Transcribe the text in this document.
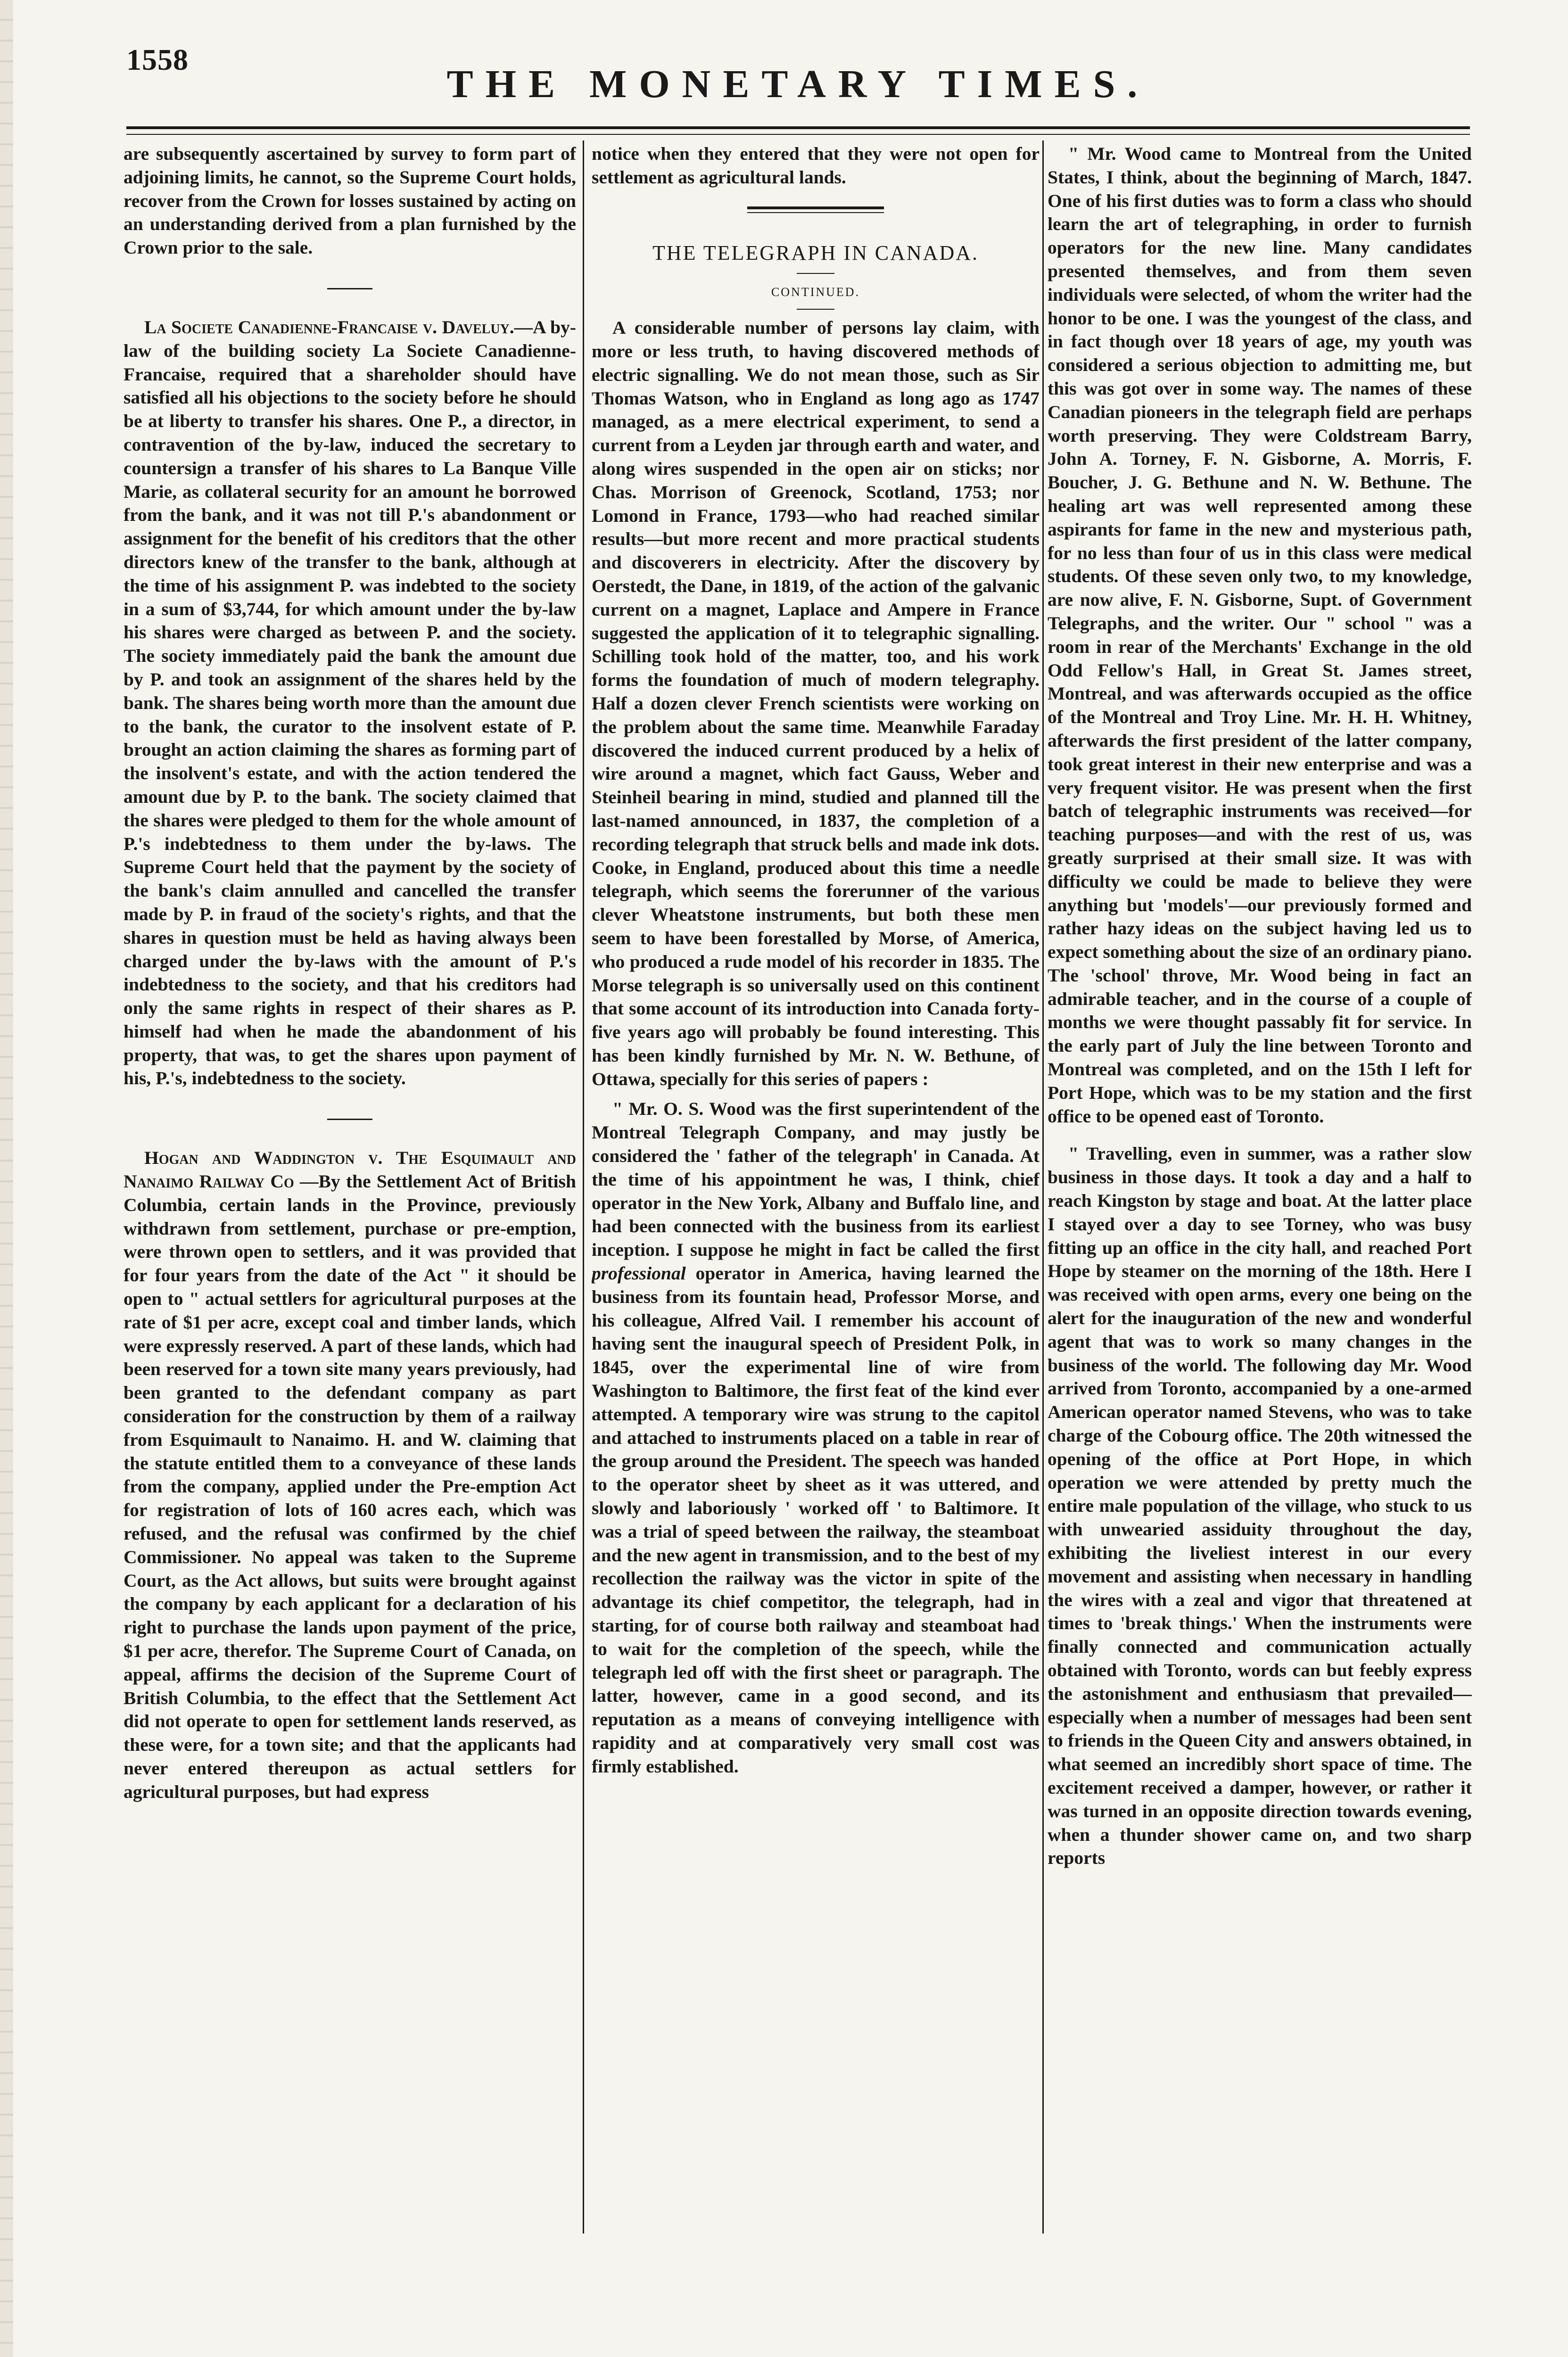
1558
THE MONETARY TIMES.

are subsequently ascertained by survey to form part of adjoining limits, he cannot, so the Supreme Court holds, recover from the Crown for losses sustained by acting on an understanding derived from a plan furnished by the Crown prior to the sale.

La Societe Canadienne-Francaise v. Daveluy.—A by-law of the building society La Societe Canadienne-Francaise, required that a shareholder should have satisfied all his objections to the society before he should be at liberty to transfer his shares. One P., a director, in contravention of the by-law, induced the secretary to countersign a transfer of his shares to La Banque Ville Marie, as collateral security for an amount he borrowed from the bank, and it was not till P.'s abandonment or assignment for the benefit of his creditors that the other directors knew of the transfer to the bank, although at the time of his assignment P. was indebted to the society in a sum of $3,744, for which amount under the by-law his shares were charged as between P. and the society. The society immediately paid the bank the amount due by P. and took an assignment of the shares held by the bank. The shares being worth more than the amount due to the bank, the curator to the insolvent estate of P. brought an action claiming the shares as forming part of the insolvent's estate, and with the action tendered the amount due by P. to the bank. The society claimed that the shares were pledged to them for the whole amount of P.'s indebtedness to them under the by-laws. The Supreme Court held that the payment by the society of the bank's claim annulled and cancelled the transfer made by P. in fraud of the society's rights, and that the shares in question must be held as having always been charged under the by-laws with the amount of P.'s indebtedness to the society, and that his creditors had only the same rights in respect of their shares as P. himself had when he made the abandonment of his property, that was, to get the shares upon payment of his, P.'s, indebtedness to the society.

Hogan and Waddington v. The Esquimault and Nanaimo Railway Co —By the Settlement Act of British Columbia, certain lands in the Province, previously withdrawn from settlement, purchase or pre-emption, were thrown open to settlers, and it was provided that for four years from the date of the Act " it should be open to " actual settlers for agricultural purposes at the rate of $1 per acre, except coal and timber lands, which were expressly reserved. A part of these lands, which had been reserved for a town site many years previously, had been granted to the defendant company as part consideration for the construction by them of a railway from Esquimault to Nanaimo. H. and W. claiming that the statute entitled them to a conveyance of these lands from the company, applied under the Pre-emption Act for registration of lots of 160 acres each, which was refused, and the refusal was confirmed by the chief Commissioner. No appeal was taken to the Supreme Court, as the Act allows, but suits were brought against the company by each applicant for a declaration of his right to purchase the lands upon payment of the price, $1 per acre, therefor. The Supreme Court of Canada, on appeal, affirms the decision of the Supreme Court of British Columbia, to the effect that the Settlement Act did not operate to open for settlement lands reserved, as these were, for a town site; and that the applicants had never entered thereupon as actual settlers for agricultural purposes, but had express

notice when they entered that they were not open for settlement as agricultural lands.

THE TELEGRAPH IN CANADA.
CONTINUED.

A considerable number of persons lay claim, with more or less truth, to having discovered methods of electric signalling. We do not mean those, such as Sir Thomas Watson, who in England as long ago as 1747 managed, as a mere electrical experiment, to send a current from a Leyden jar through earth and water, and along wires suspended in the open air on sticks; nor Chas. Morrison of Greenock, Scotland, 1753; nor Lomond in France, 1793—who had reached similar results—but more recent and more practical students and discoverers in electricity. After the discovery by Oerstedt, the Dane, in 1819, of the action of the galvanic current on a magnet, Laplace and Ampere in France suggested the application of it to telegraphic signalling. Schilling took hold of the matter, too, and his work forms the foundation of much of modern telegraphy. Half a dozen clever French scientists were working on the problem about the same time. Meanwhile Faraday discovered the induced current produced by a helix of wire around a magnet, which fact Gauss, Weber and Steinheil bearing in mind, studied and planned till the last-named announced, in 1837, the completion of a recording telegraph that struck bells and made ink dots. Cooke, in England, produced about this time a needle telegraph, which seems the forerunner of the various clever Wheatstone instruments, but both these men seem to have been forestalled by Morse, of America, who produced a rude model of his recorder in 1835. The Morse telegraph is so universally used on this continent that some account of its introduction into Canada forty-five years ago will probably be found interesting. This has been kindly furnished by Mr. N. W. Bethune, of Ottawa, specially for this series of papers :

" Mr. O. S. Wood was the first superintendent of the Montreal Telegraph Company, and may justly be considered the ' father of the telegraph' in Canada. At the time of his appointment he was, I think, chief operator in the New York, Albany and Buffalo line, and had been connected with the business from its earliest inception. I suppose he might in fact be called the first professional operator in America, having learned the business from its fountain head, Professor Morse, and his colleague, Alfred Vail. I remember his account of having sent the inaugural speech of President Polk, in 1845, over the experimental line of wire from Washington to Baltimore, the first feat of the kind ever attempted. A temporary wire was strung to the capitol and attached to instruments placed on a table in rear of the group around the President. The speech was handed to the operator sheet by sheet as it was uttered, and slowly and laboriously ' worked off ' to Baltimore. It was a trial of speed between the railway, the steamboat and the new agent in transmission, and to the best of my recollection the railway was the victor in spite of the advantage its chief competitor, the telegraph, had in starting, for of course both railway and steamboat had to wait for the completion of the speech, while the telegraph led off with the first sheet or paragraph. The latter, however, came in a good second, and its reputation as a means of conveying intelligence with rapidity and at comparatively very small cost was firmly established.

" Mr. Wood came to Montreal from the United States, I think, about the beginning of March, 1847. One of his first duties was to form a class who should learn the art of telegraphing, in order to furnish operators for the new line. Many candidates presented themselves, and from them seven individuals were selected, of whom the writer had the honor to be one. I was the youngest of the class, and in fact though over 18 years of age, my youth was considered a serious objection to admitting me, but this was got over in some way. The names of these Canadian pioneers in the telegraph field are perhaps worth preserving. They were Coldstream Barry, John A. Torney, F. N. Gisborne, A. Morris, F. Boucher, J. G. Bethune and N. W. Bethune. The healing art was well represented among these aspirants for fame in the new and mysterious path, for no less than four of us in this class were medical students. Of these seven only two, to my knowledge, are now alive, F. N. Gisborne, Supt. of Government Telegraphs, and the writer. Our " school " was a room in rear of the Merchants' Exchange in the old Odd Fellow's Hall, in Great St. James street, Montreal, and was afterwards occupied as the office of the Montreal and Troy Line. Mr. H. H. Whitney, afterwards the first president of the latter company, took great interest in their new enterprise and was a very frequent visitor. He was present when the first batch of telegraphic instruments was received—for teaching purposes—and with the rest of us, was greatly surprised at their small size. It was with difficulty we could be made to believe they were anything but 'models'—our previously formed and rather hazy ideas on the subject having led us to expect something about the size of an ordinary piano. The 'school' throve, Mr. Wood being in fact an admirable teacher, and in the course of a couple of months we were thought passably fit for service. In the early part of July the line between Toronto and Montreal was completed, and on the 15th I left for Port Hope, which was to be my station and the first office to be opened east of Toronto.

" Travelling, even in summer, was a rather slow business in those days. It took a day and a half to reach Kingston by stage and boat. At the latter place I stayed over a day to see Torney, who was busy fitting up an office in the city hall, and reached Port Hope by steamer on the morning of the 18th. Here I was received with open arms, every one being on the alert for the inauguration of the new and wonderful agent that was to work so many changes in the business of the world. The following day Mr. Wood arrived from Toronto, accompanied by a one-armed American operator named Stevens, who was to take charge of the Cobourg office. The 20th witnessed the opening of the office at Port Hope, in which operation we were attended by pretty much the entire male population of the village, who stuck to us with unwearied assiduity throughout the day, exhibiting the liveliest interest in our every movement and assisting when necessary in handling the wires with a zeal and vigor that threatened at times to 'break things.' When the instruments were finally connected and communication actually obtained with Toronto, words can but feebly express the astonishment and enthusiasm that prevailed—especially when a number of messages had been sent to friends in the Queen City and answers obtained, in what seemed an incredibly short space of time. The excitement received a damper, however, or rather it was turned in an opposite direction towards evening, when a thunder shower came on, and two sharp reports
